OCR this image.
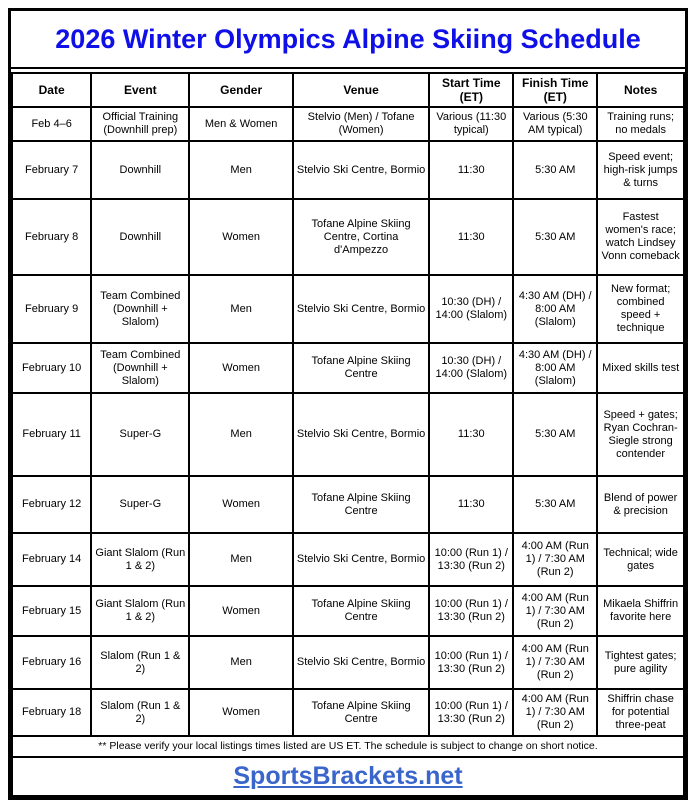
2026 Winter Olympics Alpine Skiing Schedule
Date	Event	Gender	Venue	Start Time (ET)	Finish Time (ET)	Notes
Feb 4–6	Official Training (Downhill prep)	Men & Women	Stelvio (Men) / Tofane (Women)	Various (11:30 typical)	Various (5:30 AM typical)	Training runs; no medals
February 7	Downhill	Men	Stelvio Ski Centre, Bormio	11:30	5:30 AM	Speed event; high-risk jumps & turns
February 8	Downhill	Women	Tofane Alpine Skiing Centre, Cortina d'Ampezzo	11:30	5:30 AM	Fastest women's race; watch Lindsey Vonn comeback
February 9	Team Combined (Downhill + Slalom)	Men	Stelvio Ski Centre, Bormio	10:30 (DH) / 14:00 (Slalom)	4:30 AM (DH) / 8:00 AM (Slalom)	New format; combined speed + technique
February 10	Team Combined (Downhill + Slalom)	Women	Tofane Alpine Skiing Centre	10:30 (DH) / 14:00 (Slalom)	4:30 AM (DH) / 8:00 AM (Slalom)	Mixed skills test
February 11	Super-G	Men	Stelvio Ski Centre, Bormio	11:30	5:30 AM	Speed + gates; Ryan Cochran-Siegle strong contender
February 12	Super-G	Women	Tofane Alpine Skiing Centre	11:30	5:30 AM	Blend of power & precision
February 14	Giant Slalom (Run 1 & 2)	Men	Stelvio Ski Centre, Bormio	10:00 (Run 1) / 13:30 (Run 2)	4:00 AM (Run 1) / 7:30 AM (Run 2)	Technical; wide gates
February 15	Giant Slalom (Run 1 & 2)	Women	Tofane Alpine Skiing Centre	10:00 (Run 1) / 13:30 (Run 2)	4:00 AM (Run 1) / 7:30 AM (Run 2)	Mikaela Shiffrin favorite here
February 16	Slalom (Run 1 & 2)	Men	Stelvio Ski Centre, Bormio	10:00 (Run 1) / 13:30 (Run 2)	4:00 AM (Run 1) / 7:30 AM (Run 2)	Tightest gates; pure agility
February 18	Slalom (Run 1 & 2)	Women	Tofane Alpine Skiing Centre	10:00 (Run 1) / 13:30 (Run 2)	4:00 AM (Run 1) / 7:30 AM (Run 2)	Shiffrin chase for potential three-peat
** Please verify your local listings times listed are US ET. The schedule is subject to change on short notice.						
SportsBrackets.net						
